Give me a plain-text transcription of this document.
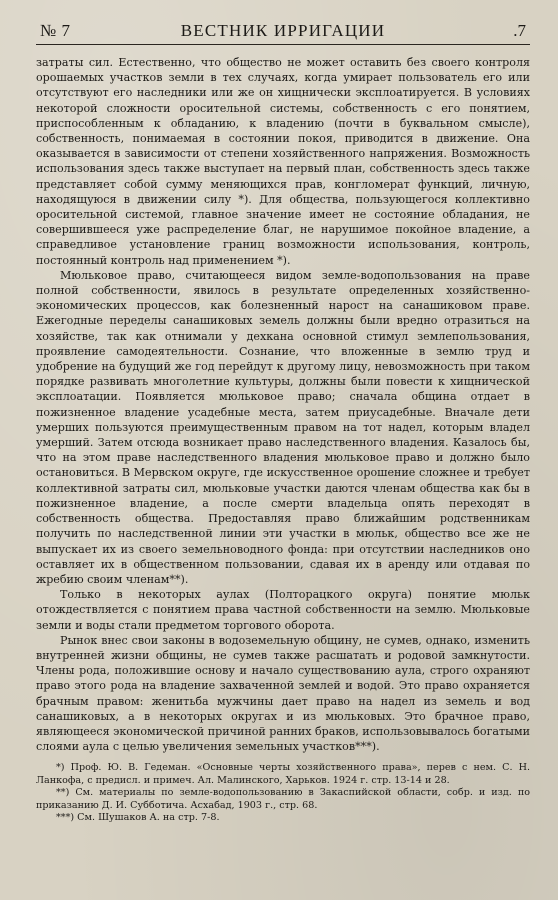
№ 7	ВЕСТНИК ИРРИГАЦИИ	.7

затраты сил. Естественно, что общество не может оставить без своего контроля орошаемых участков земли в тех случаях, когда умирает пользователь его или отсутствуют его наследники или же он хищнически эксплоатируется. В условиях некоторой сложности оросительной системы, собственность с его понятием, приспособленным к обладанию, к владению (почти в буквальном смысле), собственность, понимаемая в состоянии покоя, приводится в движение. Она оказывается в зависимости от степени хозяйственного напряжения. Возможность использования здесь также выступает на первый план, собственность здесь также представляет собой сумму меняющихся прав, конгломерат функций, личную, находящуюся в движении силу *). Для общества, пользующегося коллективно оросительной системой, главное значение имеет не состояние обладания, не совершившееся уже распределение благ, не нарушимое покойное владение, а справедливое установление границ возможности использования, контроль, постоянный контроль над применением *).

Мюльковое право, считающееся видом земле-водопользования на праве полной собственности, явилось в результате определенных хозяйственно-экономических процессов, как болезненный нарост на санашиковом праве. Ежегодные переделы санашиковых земель должны были вредно отразиться на хозяйстве, так как отнимали у дехкана основной стимул землепользования, проявление самодеятельности. Сознание, что вложенные в землю труд и удобрение на будущий же год перейдут к другому лицу, невозможность при таком порядке развивать многолетние культуры, должны были повести к хищнической эксплоатации. Появляется мюльковое право; сначала община отдает в пожизненное владение усадебные места, затем приусадебные. Вначале дети умерших пользуются преимущественным правом на тот надел, которым владел умерший. Затем отсюда возникает право наследственного владения. Казалось бы, что на этом праве наследственного владения мюльковое право и должно было остановиться. В Мервском округе, где искусственное орошение сложнее и требует коллективной затраты сил, мюльковые участки даются членам общества как бы в пожизненное владение, а после смерти владельца опять переходят в собственность общества. Предоставляя право ближайшим родственникам получить по наследственной линии эти участки в мюльк, общество все же не выпускает их из своего земельноводного фонда: при отсутствии наследников оно оставляет их в общественном пользовании, сдавая их в аренду или отдавая по жребию своим членам**).

Только в некоторых аулах (Полторацкого округа) понятие мюльк отождествляется с понятием права частной собственности на землю. Мюльковые земли и воды стали предметом торгового оборота.

Рынок внес свои законы в водоземельную общину, не сумев, однако, изменить внутренней жизни общины, не сумев также расшатать и родовой замкнутости. Члены рода, положившие основу и начало существованию аула, строго охраняют право этого рода на владение захваченной землей и водой. Это право охраняется брачным правом: женитьба мужчины дает право на надел из земель и вод санашиковых, а в некоторых округах и из мюльковых. Это брачное право, являющееся экономической причиной ранних браков, использовывалось богатыми слоями аула с целью увеличения земельных участков***).

*) Проф. Ю. В. Гедеман. «Основные черты хозяйственного права», перев с нем. С. Н. Ланкофа, с предисл. и примеч. Ал. Малинского, Харьков. 1924 г. стр. 13-14 и 28.

**) См. материалы по земле-водопользованию в Закаспийской области, собр. и изд. по приказанию Д. И. Субботича. Асхабад, 1903 г., стр. 68.

***) См. Шушаков А. на стр. 7-8.
